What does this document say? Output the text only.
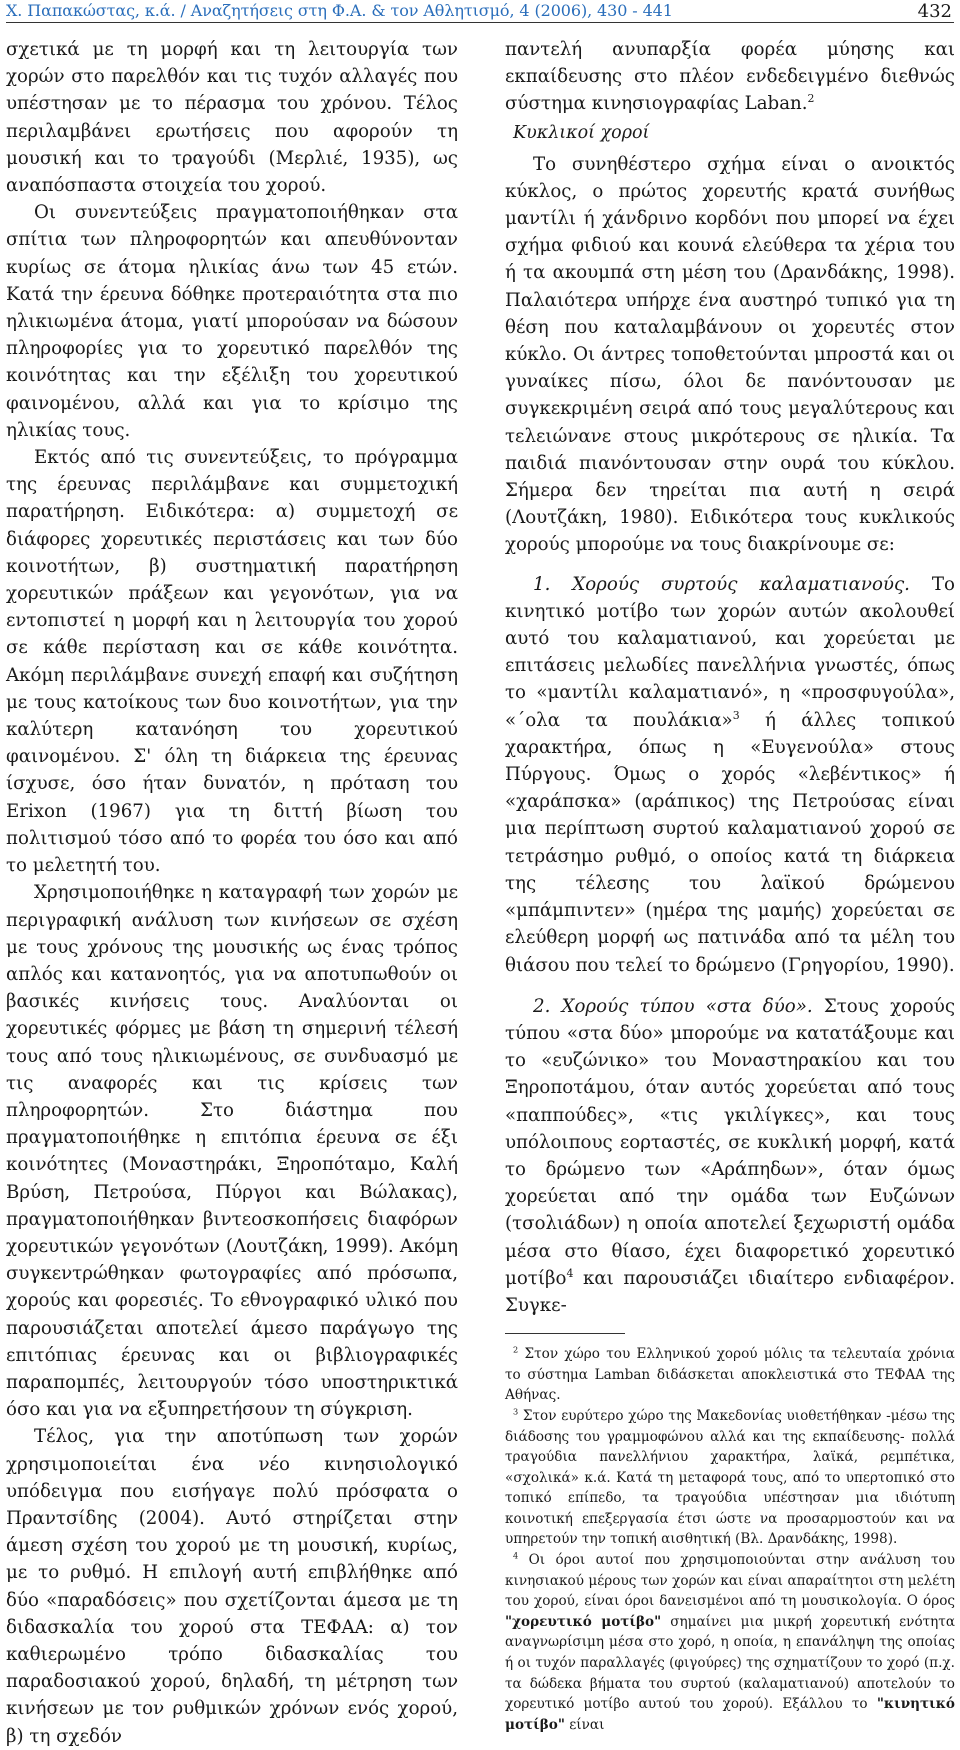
Χ. Παπακώστας, κ.ά. / Αναζητήσεις στη Φ.Α. & τον Αθλητισμό, 4 (2006), 430 - 441	432

σχετικά με τη μορφή και τη λειτουργία των χορών στο παρελθόν και τις τυχόν αλλαγές που υπέστησαν με το πέρασμα του χρόνου. Τέλος περιλαμβάνει ερωτήσεις που αφορούν τη μουσική και το τραγούδι (Μερλιέ, 1935), ως αναπόσπαστα στοιχεία του χορού.

Οι συνεντεύξεις πραγματοποιήθηκαν στα σπίτια των πληροφορητών και απευθύνονταν κυρίως σε άτομα ηλικίας άνω των 45 ετών. Κατά την έρευνα δόθηκε προτεραιότητα στα πιο ηλικιωμένα άτομα, γιατί μπορούσαν να δώσουν πληροφορίες για το χορευτικό παρελθόν της κοινότητας και την εξέλιξη του χορευτικού φαινομένου, αλλά και για το κρίσιμο της ηλικίας τους.

Εκτός από τις συνεντεύξεις, το πρόγραμμα της έρευνας περιλάμβανε και συμμετοχική παρατήρηση. Ειδικότερα: α) συμμετοχή σε διάφορες χορευτικές περιστάσεις και των δύο κοινοτήτων, β) συστηματική παρατήρηση χορευτικών πράξεων και γεγονότων, για να εντοπιστεί η μορφή και η λειτουργία του χορού σε κάθε περίσταση και σε κάθε κοινότητα. Ακόμη περιλάμβανε συνεχή επαφή και συζήτηση με τους κατοίκους των δυο κοινοτήτων, για την καλύτερη κατανόηση του χορευτικού φαινομένου. Σ' όλη τη διάρκεια της έρευνας ίσχυσε, όσο ήταν δυνατόν, η πρόταση του Erixon (1967) για τη διττή βίωση του πολιτισμού τόσο από το φορέα του όσο και από το μελετητή του.

Χρησιμοποιήθηκε η καταγραφή των χορών με περιγραφική ανάλυση των κινήσεων σε σχέση με τους χρόνους της μουσικής ως ένας τρόπος απλός και κατανοητός, για να αποτυπωθούν οι βασικές κινήσεις τους. Αναλύονται οι χορευτικές φόρμες με βάση τη σημερινή τέλεσή τους από τους ηλικιωμένους, σε συνδυασμό με τις αναφορές και τις κρίσεις των πληροφορητών. Στο διάστημα που πραγματοποιήθηκε η επιτόπια έρευνα σε έξι κοινότητες (Μοναστηράκι, Ξηροπόταμο, Καλή Βρύση, Πετρούσα, Πύργοι και Βώλακας), πραγματοποιήθηκαν βιντεοσκοπήσεις διαφόρων χορευτικών γεγονότων (Λουτζάκη, 1999). Ακόμη συγκεντρώθηκαν φωτογραφίες από πρόσωπα, χορούς και φορεσιές. Το εθνογραφικό υλικό που παρουσιάζεται αποτελεί άμεσο παράγωγο της επιτόπιας έρευνας και οι βιβλιογραφικές παραπομπές, λειτουργούν τόσο υποστηρικτικά όσο και για να εξυπηρετήσουν τη σύγκριση.

Τέλος, για την αποτύπωση των χορών χρησιμοποιείται ένα νέο κινησιολογικό υπόδειγμα που εισήγαγε πολύ πρόσφατα ο Πραντσίδης (2004). Αυτό στηρίζεται στην άμεση σχέση του χορού με τη μουσική, κυρίως, με το ρυθμό. Η επιλογή αυτή επιβλήθηκε από δύο «παραδόσεις» που σχετίζονται άμεσα με τη διδασκαλία του χορού στα ΤΕΦΑΑ: α) τον καθιερωμένο τρόπο διδασκαλίας του παραδοσιακού χορού, δηλαδή, τη μέτρηση των κινήσεων με τον ρυθμικών χρόνων ενός χορού, β) τη σχεδόν

παντελή ανυπαρξία φορέα μύησης και εκπαίδευσης στο πλέον ενδεδειγμένο διεθνώς σύστημα κινησιογραφίας Laban.$^2$

Κυκλικοί χοροί

Το συνηθέστερο σχήμα είναι ο ανοικτός κύκλος, ο πρώτος χορευτής κρατά συνήθως μαντίλι ή χάνδρινο κορδόνι που μπορεί να έχει σχήμα φιδιού και κουνά ελεύθερα τα χέρια του ή τα ακουμπά στη μέση του (Δρανδάκης, 1998). Παλαιότερα υπήρχε ένα αυστηρό τυπικό για τη θέση που καταλαμβάνουν οι χορευτές στον κύκλο. Οι άντρες τοποθετούνται μπροστά και οι γυναίκες πίσω, όλοι δε πανόντουσαν με συγκεκριμένη σειρά από τους μεγαλύτερους και τελειώνανε στους μικρότερους σε ηλικία. Τα παιδιά πιανόντουσαν στην ουρά του κύκλου. Σήμερα δεν τηρείται πια αυτή η σειρά (Λουτζάκη, 1980). Ειδικότερα τους κυκλικούς χορούς μπορούμε να τους διακρίνουμε σε:

1. Χορούς συρτούς καλαματιανούς. Το κινητικό μοτίβο των χορών αυτών ακολουθεί αυτό του καλαματιανού, και χορεύεται με επιτάσεις μελωδίες πανελλήνια γνωστές, όπως το «μαντίλι καλαματιανό», η «προσφυγούλα», «΄ολα τα πουλάκια»$^3$ ή άλλες τοπικού χαρακτήρα, όπως η «Ευγενούλα» στους Πύργους. Όμως ο χορός «λεβέντικος» ή «χαράπσκα» (αράπικος) της Πετρούσας είναι μια περίπτωση συρτού καλαματιανού χορού σε τετράσημο ρυθμό, ο οποίος κατά τη διάρκεια της τέλεσης του λαϊκού δρώμενου «μπάμπιντεν» (ημέρα της μαμής) χορεύεται σε ελεύθερη μορφή ως πατινάδα από τα μέλη του θιάσου που τελεί το δρώμενο (Γρηγορίου, 1990).

2. Χορούς τύπου «στα δύο». Στους χορούς τύπου «στα δύο» μπορούμε να κατατάξουμε και το «ευζώνικο» του Μοναστηρακίου και του Ξηροποτάμου, όταν αυτός χορεύεται από τους «παππούδες», «τις γκιλίγκες», και τους υπόλοιπους εορταστές, σε κυκλική μορφή, κατά το δρώμενο των «Αράπηδων», όταν όμως χορεύεται από την ομάδα των Ευζώνων (τσολιάδων) η οποία αποτελεί ξεχωριστή ομάδα μέσα στο θίασο, έχει διαφορετικό χορευτικό μοτίβο$^4$ και παρουσιάζει ιδιαίτερο ενδιαφέρον. Συγκε-

$^2$ Στον χώρο του Ελληνικού χορού μόλις τα τελευταία χρόνια το σύστημα Lamban διδάσκεται αποκλειστικά στο ΤΕΦΑΑ της Αθήνας.

$^3$ Στον ευρύτερο χώρο της Μακεδονίας υιοθετήθηκαν -μέσω της διάδοσης του γραμμοφώνου αλλά και της εκπαίδευσης- πολλά τραγούδια πανελλήνιου χαρακτήρα, λαϊκά, ρεμπέτικα, «σχολικά» κ.ά. Κατά τη μεταφορά τους, από το υπερτοπικό στο τοπικό επίπεδο, τα τραγούδια υπέστησαν μια ιδιότυπη κοινοτική επεξεργασία έτσι ώστε να προσαρμοστούν και να υπηρετούν την τοπική αισθητική (Βλ. Δρανδάκης, 1998).

$^4$ Οι όροι αυτοί που χρησιμοποιούνται στην ανάλυση του κινησιακού μέρους των χορών και είναι απαραίτητοι στη μελέτη του χορού, είναι όροι δανεισμένοι από τη μουσικολογία. Ο όρος "χορευτικό μοτίβο" σημαίνει μια μικρή χορευτική ενότητα αναγνωρίσιμη μέσα στο χορό, η οποία, η επανάληψη της οποίας ή οι τυχόν παραλλαγές (φιγούρες) της σχηματίζουν το χορό (π.χ. τα δώδεκα βήματα του συρτού (καλαματιανού) αποτελούν το χορευτικό μοτίβο αυτού του χορού). Εξάλλου το "κινητικό μοτίβο" είναι
